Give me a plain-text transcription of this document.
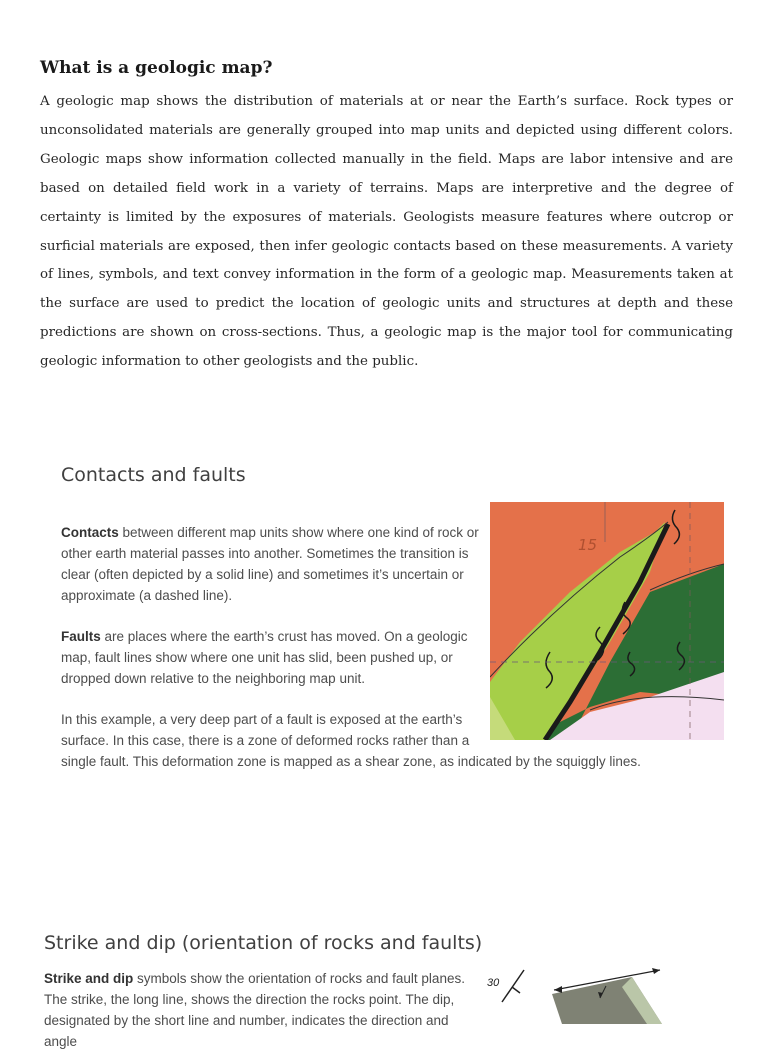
What is a geologic map?

A geologic map shows the distribution of materials at or near the Earth’s surface. Rock types or unconsolidated materials are generally grouped into map units and depicted using different colors. Geologic maps show information collected manually in the field. Maps are labor intensive and are based on detailed field work in a variety of terrains. Maps are interpretive and the degree of certainty is limited by the exposures of materials. Geologists measure features where outcrop or surficial materials are exposed, then infer geologic contacts based on these measurements. A variety of lines, symbols, and text convey information in the form of a geologic map. Measurements taken at the surface are used to predict the location of geologic units and structures at depth and these predictions are shown on cross-sections. Thus, a geologic map is the major tool for communicating geologic information to other geologists and the public.

Contacts and faults

Contacts between different map units show where one kind of rock or other earth material passes into another. Sometimes the transition is clear (often depicted by a solid line) and sometimes it’s uncertain or approximate (a dashed line).

Faults are places where the earth’s crust has moved. On a geologic map, fault lines show where one unit has slid, been pushed up, or dropped down relative to the neighboring map unit.

In this example, a very deep part of a fault is exposed at the earth’s surface. In this case, there is a zone of deformed rocks rather than a

15

single fault. This deformation zone is mapped as a shear zone, as indicated by the squiggly lines.

Strike and dip (orientation of rocks and faults)

Strike and dip symbols show the orientation of rocks and fault planes. The strike, the long line, shows the direction the rocks point. The dip, designated by the short line and number, indicates the direction and angle

30	strike
